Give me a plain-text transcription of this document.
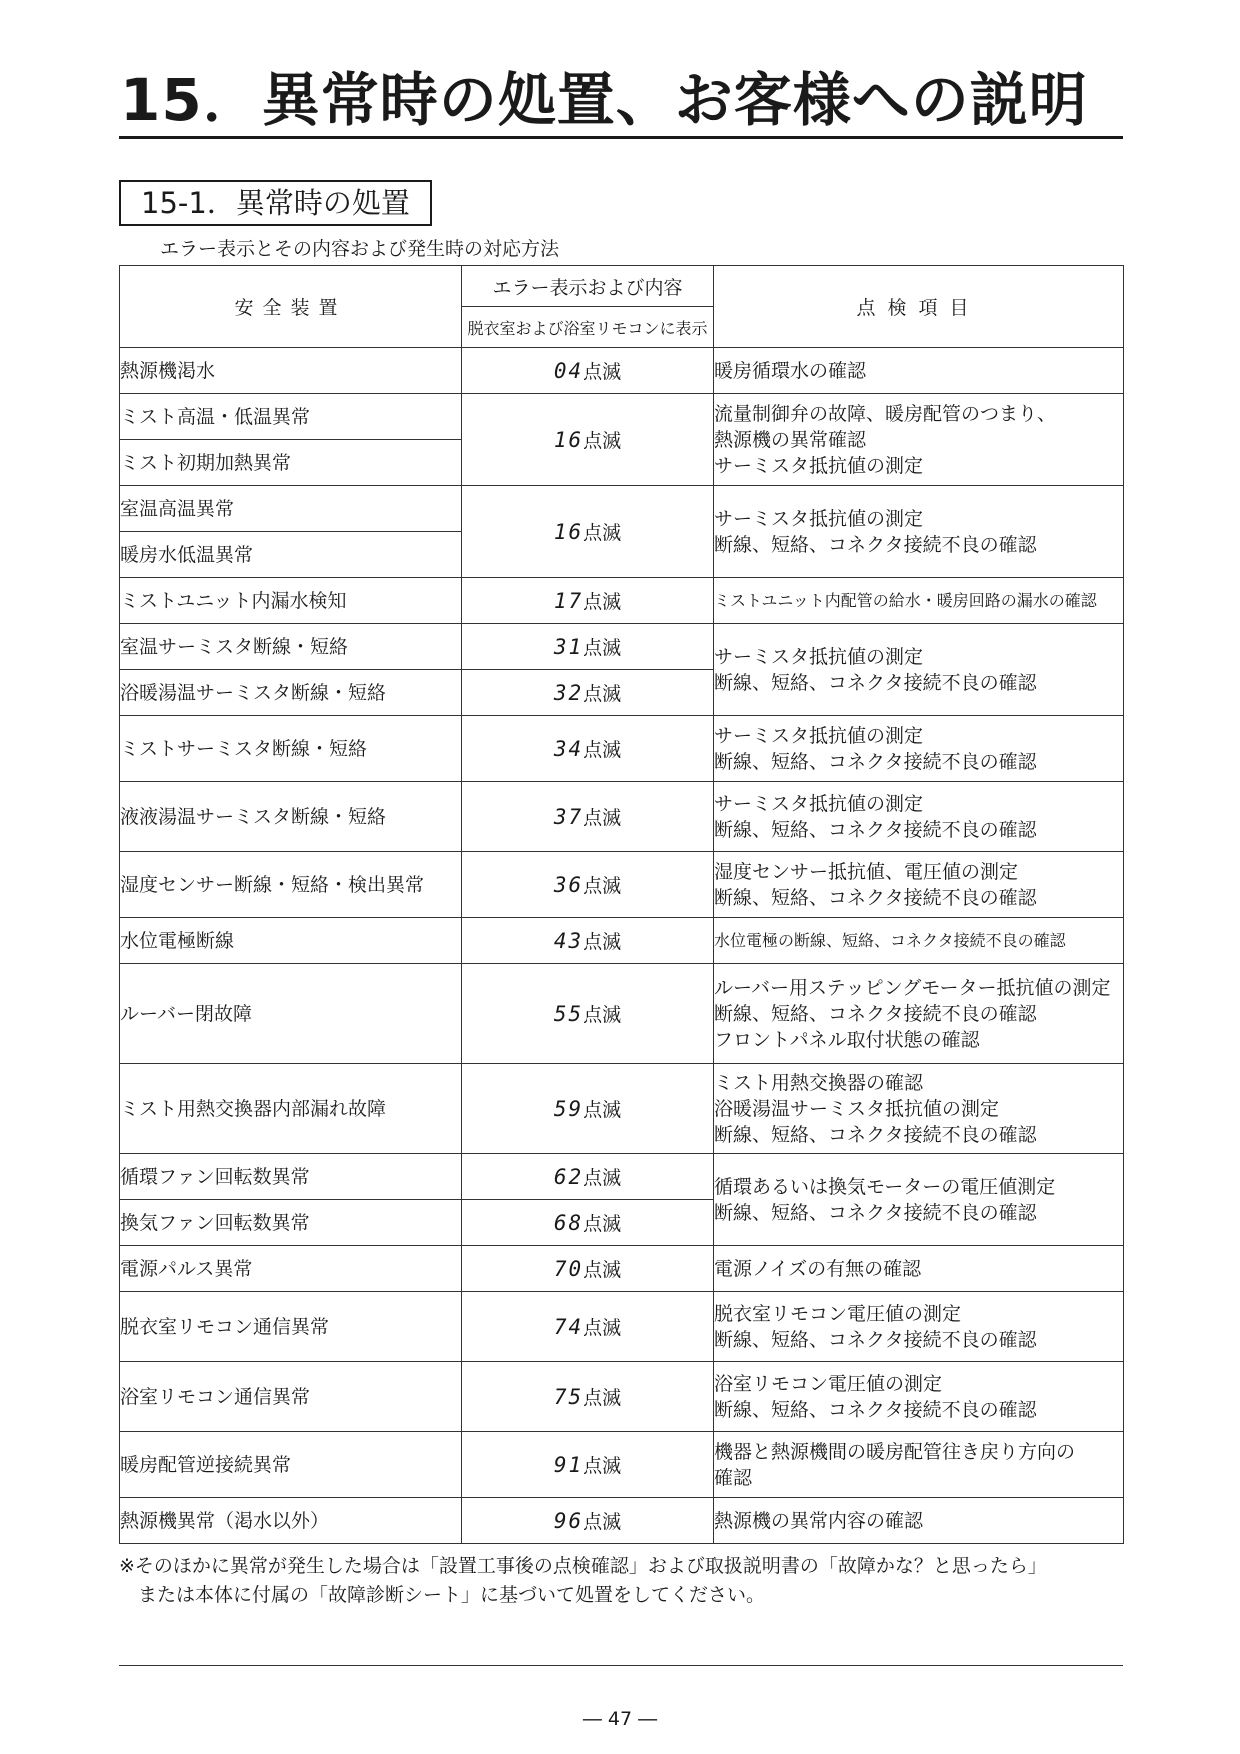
15．異常時の処置、お客様への説明
15-1．異常時の処置
エラー表示とその内容および発生時の対応方法
安全装置	エラー表示および内容	点検項目
	脱衣室および浴室リモコンに表示	
熱源機渇水	04点滅	暖房循環水の確認

ミスト高温・低温異常	16点滅	流量制御弁の故障、暖房配管のつまり、
熱源機の異常確認
サーミスタ抵抗値の測定

ミスト初期加熱異常		
室温高温異常	16点滅	サーミスタ抵抗値の測定
断線、短絡、コネクタ接続不良の確認

暖房水低温異常		
ミストユニット内漏水検知	17点滅	ミストユニット内配管の給水・暖房回路の漏水の確認

室温サーミスタ断線・短絡	31点滅	サーミスタ抵抗値の測定
断線、短絡、コネクタ接続不良の確認

浴暖湯温サーミスタ断線・短絡	32点滅	
ミストサーミスタ断線・短絡	34点滅	サーミスタ抵抗値の測定
断線、短絡、コネクタ接続不良の確認

液液湯温サーミスタ断線・短絡	37点滅	サーミスタ抵抗値の測定
断線、短絡、コネクタ接続不良の確認

湿度センサー断線・短絡・検出異常	36点滅	湿度センサー抵抗値、電圧値の測定
断線、短絡、コネクタ接続不良の確認

水位電極断線	43点滅	水位電極の断線、短絡、コネクタ接続不良の確認

ルーバー閉故障	55点滅	ルーバー用ステッピングモーター抵抗値の測定
断線、短絡、コネクタ接続不良の確認
フロントパネル取付状態の確認

ミスト用熱交換器内部漏れ故障	59点滅	ミスト用熱交換器の確認
浴暖湯温サーミスタ抵抗値の測定
断線、短絡、コネクタ接続不良の確認

循環ファン回転数異常	62点滅	循環あるいは換気モーターの電圧値測定
断線、短絡、コネクタ接続不良の確認

換気ファン回転数異常	68点滅	
電源パルス異常	70点滅	電源ノイズの有無の確認

脱衣室リモコン通信異常	74点滅	脱衣室リモコン電圧値の測定
断線、短絡、コネクタ接続不良の確認

浴室リモコン通信異常	75点滅	浴室リモコン電圧値の測定
断線、短絡、コネクタ接続不良の確認

暖房配管逆接続異常	91点滅	機器と熱源機間の暖房配管往き戻り方向の
確認

熱源機異常（渇水以外）	96点滅	熱源機の異常内容の確認
※そのほかに異常が発生した場合は「設置工事後の点検確認」および取扱説明書の「故障かな？と思ったら」
　または本体に付属の「故障診断シート」に基づいて処置をしてください。
― 47 ―
